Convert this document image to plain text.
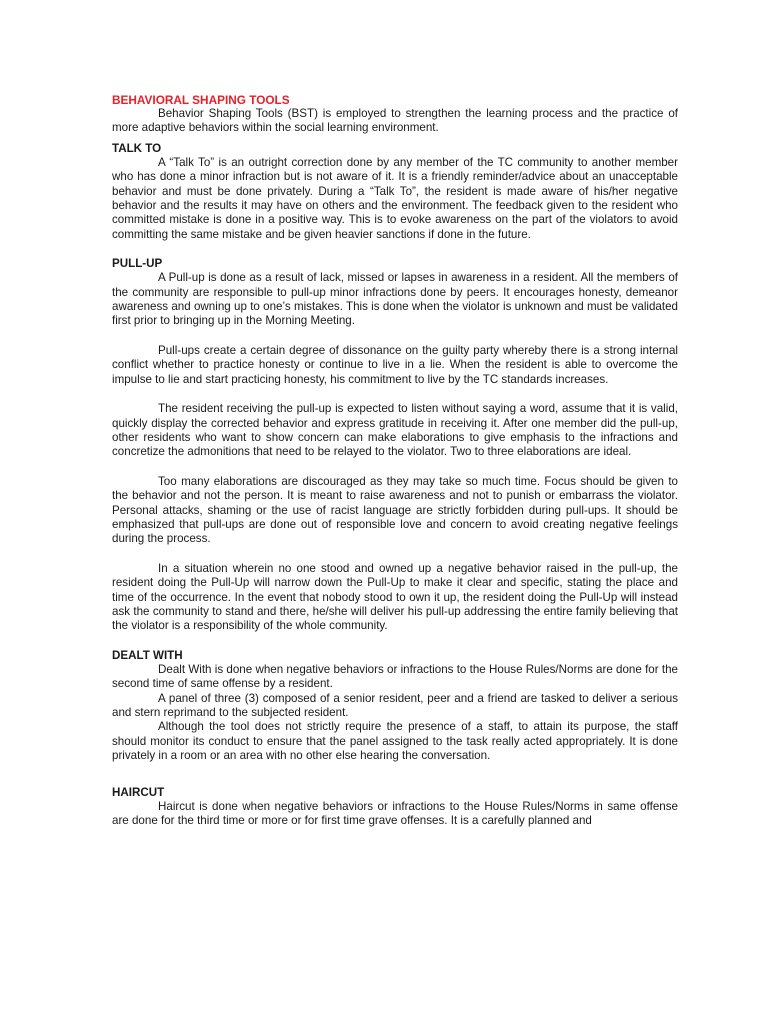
BEHAVIORAL SHAPING TOOLS

Behavior Shaping Tools (BST) is employed to strengthen the learning process and the practice of more adaptive behaviors within the social learning environment.

TALK TO

A “Talk To” is an outright correction done by any member of the TC community to another member who has done a minor infraction but is not aware of it. It is a friendly reminder/advice about an unacceptable behavior and must be done privately. During a “Talk To”, the resident is made aware of his/her negative behavior and the results it may have on others and the environment. The feedback given to the resident who committed mistake is done in a positive way. This is to evoke awareness on the part of the violators to avoid committing the same mistake and be given heavier sanctions if done in the future.

PULL-UP

A Pull-up is done as a result of lack, missed or lapses in awareness in a resident. All the members of the community are responsible to pull-up minor infractions done by peers. It encourages honesty, demeanor awareness and owning up to one’s mistakes. This is done when the violator is unknown and must be validated first prior to bringing up in the Morning Meeting.

Pull-ups create a certain degree of dissonance on the guilty party whereby there is a strong internal conflict whether to practice honesty or continue to live in a lie. When the resident is able to overcome the impulse to lie and start practicing honesty, his commitment to live by the TC standards increases.

The resident receiving the pull-up is expected to listen without saying a word, assume that it is valid, quickly display the corrected behavior and express gratitude in receiving it. After one member did the pull-up, other residents who want to show concern can make elaborations to give emphasis to the infractions and concretize the admonitions that need to be relayed to the violator. Two to three elaborations are ideal.

Too many elaborations are discouraged as they may take so much time. Focus should be given to the behavior and not the person. It is meant to raise awareness and not to punish or embarrass the violator. Personal attacks, shaming or the use of racist language are strictly forbidden during pull-ups. It should be emphasized that pull-ups are done out of responsible love and concern to avoid creating negative feelings during the process.

In a situation wherein no one stood and owned up a negative behavior raised in the pull-up, the resident doing the Pull-Up will narrow down the Pull-Up to make it clear and specific, stating the place and time of the occurrence. In the event that nobody stood to own it up, the resident doing the Pull-Up will instead ask the community to stand and there, he/she will deliver his pull-up addressing the entire family believing that the violator is a responsibility of the whole community.

DEALT WITH

Dealt With is done when negative behaviors or infractions to the House Rules/Norms are done for the second time of same offense by a resident.

A panel of three (3) composed of a senior resident, peer and a friend are tasked to deliver a serious and stern reprimand to the subjected resident.

Although the tool does not strictly require the presence of a staff, to attain its purpose, the staff should monitor its conduct to ensure that the panel assigned to the task really acted appropriately. It is done privately in a room or an area with no other else hearing the conversation.

HAIRCUT

Haircut is done when negative behaviors or infractions to the House Rules/Norms in same offense are done for the third time or more or for first time grave offenses. It is a carefully planned and
